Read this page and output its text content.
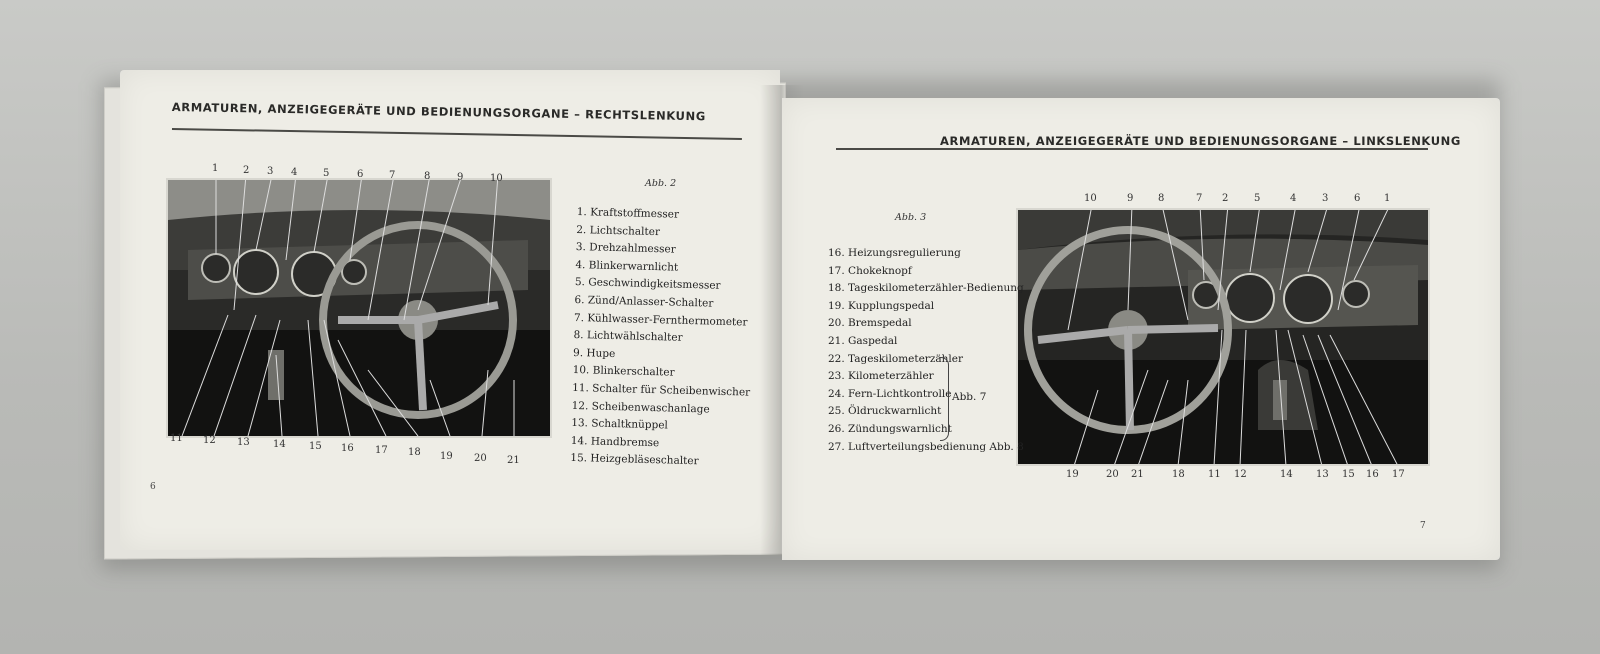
ARMATUREN, ANZEIGEGERÄTE UND BEDIENUNGSORGANE – RECHTSLENKUNG
1 2 3 4	5	6	7	8	9	10
11 12 13 14 15 16 17 18 19 20 21
Abb. 2
1. Kraftstoffmesser
2. Lichtschalter
3. Drehzahlmesser
4. Blinkerwarnlicht
5. Geschwindigkeitsmesser
6. Zünd/Anlasser-Schalter
7. Kühlwasser-Fernthermometer
8. Lichtwählschalter
9. Hupe
10. Blinkerschalter
11. Schalter für Scheibenwischer
12. Scheibenwaschanlage
13. Schaltknüppel
14. Handbremse
15. Heizgebläseschalter
6
ARMATUREN, ANZEIGEGERÄTE UND BEDIENUNGSORGANE – LINKSLENKUNG
10	9 8	7 2	5	4	3	6 1
19	20 21	18 11 12	14 13 15 16 17
Abb. 3
16. Heizungsregulierung
17. Chokeknopf
18. Tageskilometerzähler-Bedienung
19. Kupplungspedal
20. Bremspedal
21. Gaspedal
22. Tageskilometerzähler
23. Kilometerzähler
24. Fern-Lichtkontrolle
25. Öldruckwarnlicht
26. Zündungswarnlicht
27. Luftverteilungsbedienung Abb. 8
Abb. 7
7
